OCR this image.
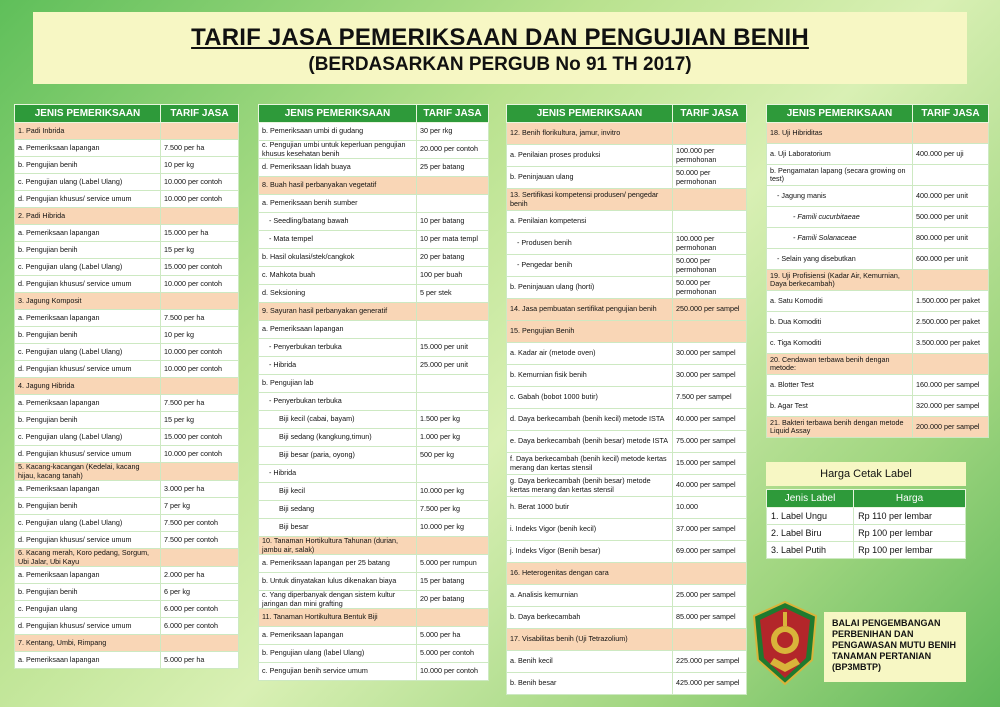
TARIF JASA PEMERIKSAAN DAN PENGUJIAN BENIH
(BERDASARKAN PERGUB No 91 TH 2017)
JENIS PEMERIKSAAN	TARIF JASA
1. Padi Inbrida	
a. Pemeriksaan lapangan	7.500 per ha
b. Pengujian benih	10 per kg
c. Pengujian ulang (Label Ulang)	10.000 per contoh
d. Pengujian khusus/ service umum	10.000 per contoh
2. Padi Hibrida	
a. Pemeriksaan lapangan	15.000 per ha
b. Pengujian benih	15 per kg
c. Pengujian ulang (Label Ulang)	15.000 per contoh
d. Pengujian khusus/ service umum	10.000 per contoh
3. Jagung Komposit	
a. Pemeriksaan lapangan	7.500 per ha
b. Pengujian benih	10 per kg
c. Pengujian ulang (Label Ulang)	10.000 per contoh
d. Pengujian khusus/ service umum	10.000 per contoh
4. Jagung Hibrida	
a. Pemeriksaan lapangan	7.500 per ha
b. Pengujian benih	15 per kg
c. Pengujian ulang (Label Ulang)	15.000 per contoh
d. Pengujian khusus/ service umum	10.000 per contoh
5. Kacang-kacangan (Kedelai, kacang hijau, kacang tanah)	
a. Pemeriksaan lapangan	3.000 per ha
b. Pengujian benih	7 per kg
c. Pengujian ulang (Label Ulang)	7.500 per contoh
d. Pengujian khusus/ service umum	7.500 per contoh
6. Kacang merah, Koro pedang, Sorgum, Ubi Jalar, Ubi Kayu	
a. Pemeriksaan lapangan	2.000 per ha
b. Pengujian benih	6 per kg
c. Pengujian ulang	6.000 per contoh
d. Pengujian khusus/ service umum	6.000 per contoh
7. Kentang, Umbi, Rimpang	
a. Pemeriksaan lapangan	5.000 per ha
JENIS PEMERIKSAAN	TARIF JASA
b. Pemeriksaan umbi di gudang	30 per rkg
c. Pengujian umbi untuk keperluan pengujian khusus kesehatan benih	20.000 per contoh
d. Pemeriksaan lidah buaya	25 per batang
8. Buah hasil perbanyakan vegetatif	
a. Pemeriksaan benih sumber	
- Seedling/batang bawah	10 per batang
- Mata tempel	10 per mata templ
b. Hasil okulasi/stek/cangkok	20 per batang
c. Mahkota buah	100 per buah
d. Seksioning	5 per stek
9. Sayuran hasil perbanyakan generatif	
a. Pemeriksaan lapangan	
- Penyerbukan terbuka	15.000 per unit
- Hibrida	25.000 per unit
b. Pengujian lab	
- Penyerbukan terbuka	
Biji kecil (cabai, bayam)	1.500 per kg
Biji sedang (kangkung,timun)	1.000 per kg
Biji besar (paria, oyong)	500 per kg
- Hibrida	
Biji kecil	10.000 per kg
Biji sedang	7.500 per kg
Biji besar	10.000 per kg
10. Tanaman Hortikultura Tahunan (durian, jambu air, salak)	
a. Pemeriksaan lapangan per 25 batang	5.000 per rumpun
b. Untuk dinyatakan lulus dikenakan biaya	15 per batang
c. Yang diperbanyak dengan sistem kultur jaringan dan mini grafting	20 per batang
11. Tanaman Hortikultura Bentuk Biji	
a. Pemeriksaan lapangan	5.000 per ha
b. Pengujian ulang (label Ulang)	5.000 per contoh
c. Pengujian benih service umum	10.000 per contoh
JENIS PEMERIKSAAN	TARIF JASA
12. Benih florikultura, jamur, invitro	
a. Penilaian proses produksi	100.000 per permohonan
b. Peninjauan ulang	50.000 per permohonan
13. Sertifikasi kompetensi produsen/ pengedar benih	
a. Penilaian kompetensi	
- Produsen benih	100.000 per permohonan
- Pengedar benih	50.000 per permohonan
b. Peninjauan ulang (horti)	50.000 per permohonan
14. Jasa pembuatan sertifikat pengujian benih	250.000 per sampel
15. Pengujian Benih	
a. Kadar air (metode oven)	30.000 per sampel
b. Kemurnian fisik benih	30.000 per sampel
c. Gabah (bobot 1000 butir)	7.500 per sampel
d. Daya berkecambah (benih kecil) metode ISTA	40.000 per sampel
e. Daya berkecambah (benih besar) metode ISTA	75.000 per sampel
f. Daya berkecambah (benih kecil) metode kertas merang dan kertas stensil	15.000 per sampel
g. Daya berkecambah (benih besar) metode kertas merang dan kertas stensil	40.000 per sampel
h. Berat 1000 butir	10.000
i. Indeks Vigor (benih kecil)	37.000 per sampel
j. Indeks Vigor (Benih besar)	69.000 per sampel
16. Heterogenitas dengan cara	
a. Analisis kemurnian	25.000 per sampel
b. Daya berkecambah	85.000 per sampel
17. Visabilitas benih (Uji Tetrazolium)	
a. Benih kecil	225.000 per sampel
b. Benih besar	425.000 per sampel
JENIS PEMERIKSAAN	TARIF JASA
18. Uji Hibriditas	
a. Uji Laboratorium	400.000 per uji
b. Pengamatan lapang (secara growing on test)	
- Jagung manis	400.000 per unit
- Famili cucurbitaeae	500.000 per unit
- Famili Solanaceae	800.000 per unit
- Selain yang disebutkan	600.000 per unit
19. Uji Profisiensi (Kadar Air, Kemurnian, Daya berkecambah)	
a. Satu Komoditi	1.500.000 per paket
b. Dua Komoditi	2.500.000 per paket
c. Tiga Komoditi	3.500.000 per paket
20. Cendawan terbawa benih dengan metode:	
a. Blotter Test	160.000 per sampel
b. Agar Test	320.000 per sampel
21. Bakteri terbawa benih dengan metode Liquid Assay	200.000 per sampel
Harga Cetak Label
Jenis Label	Harga
1. Label Ungu	Rp 110 per lembar
2. Label Biru	Rp 100 per lembar
3. Label Putih	Rp 100 per lembar
BALAI PENGEMBANGAN
PERBENIHAN DAN
PENGAWASAN MUTU BENIH
TANAMAN PERTANIAN
(BP3MBTP)
